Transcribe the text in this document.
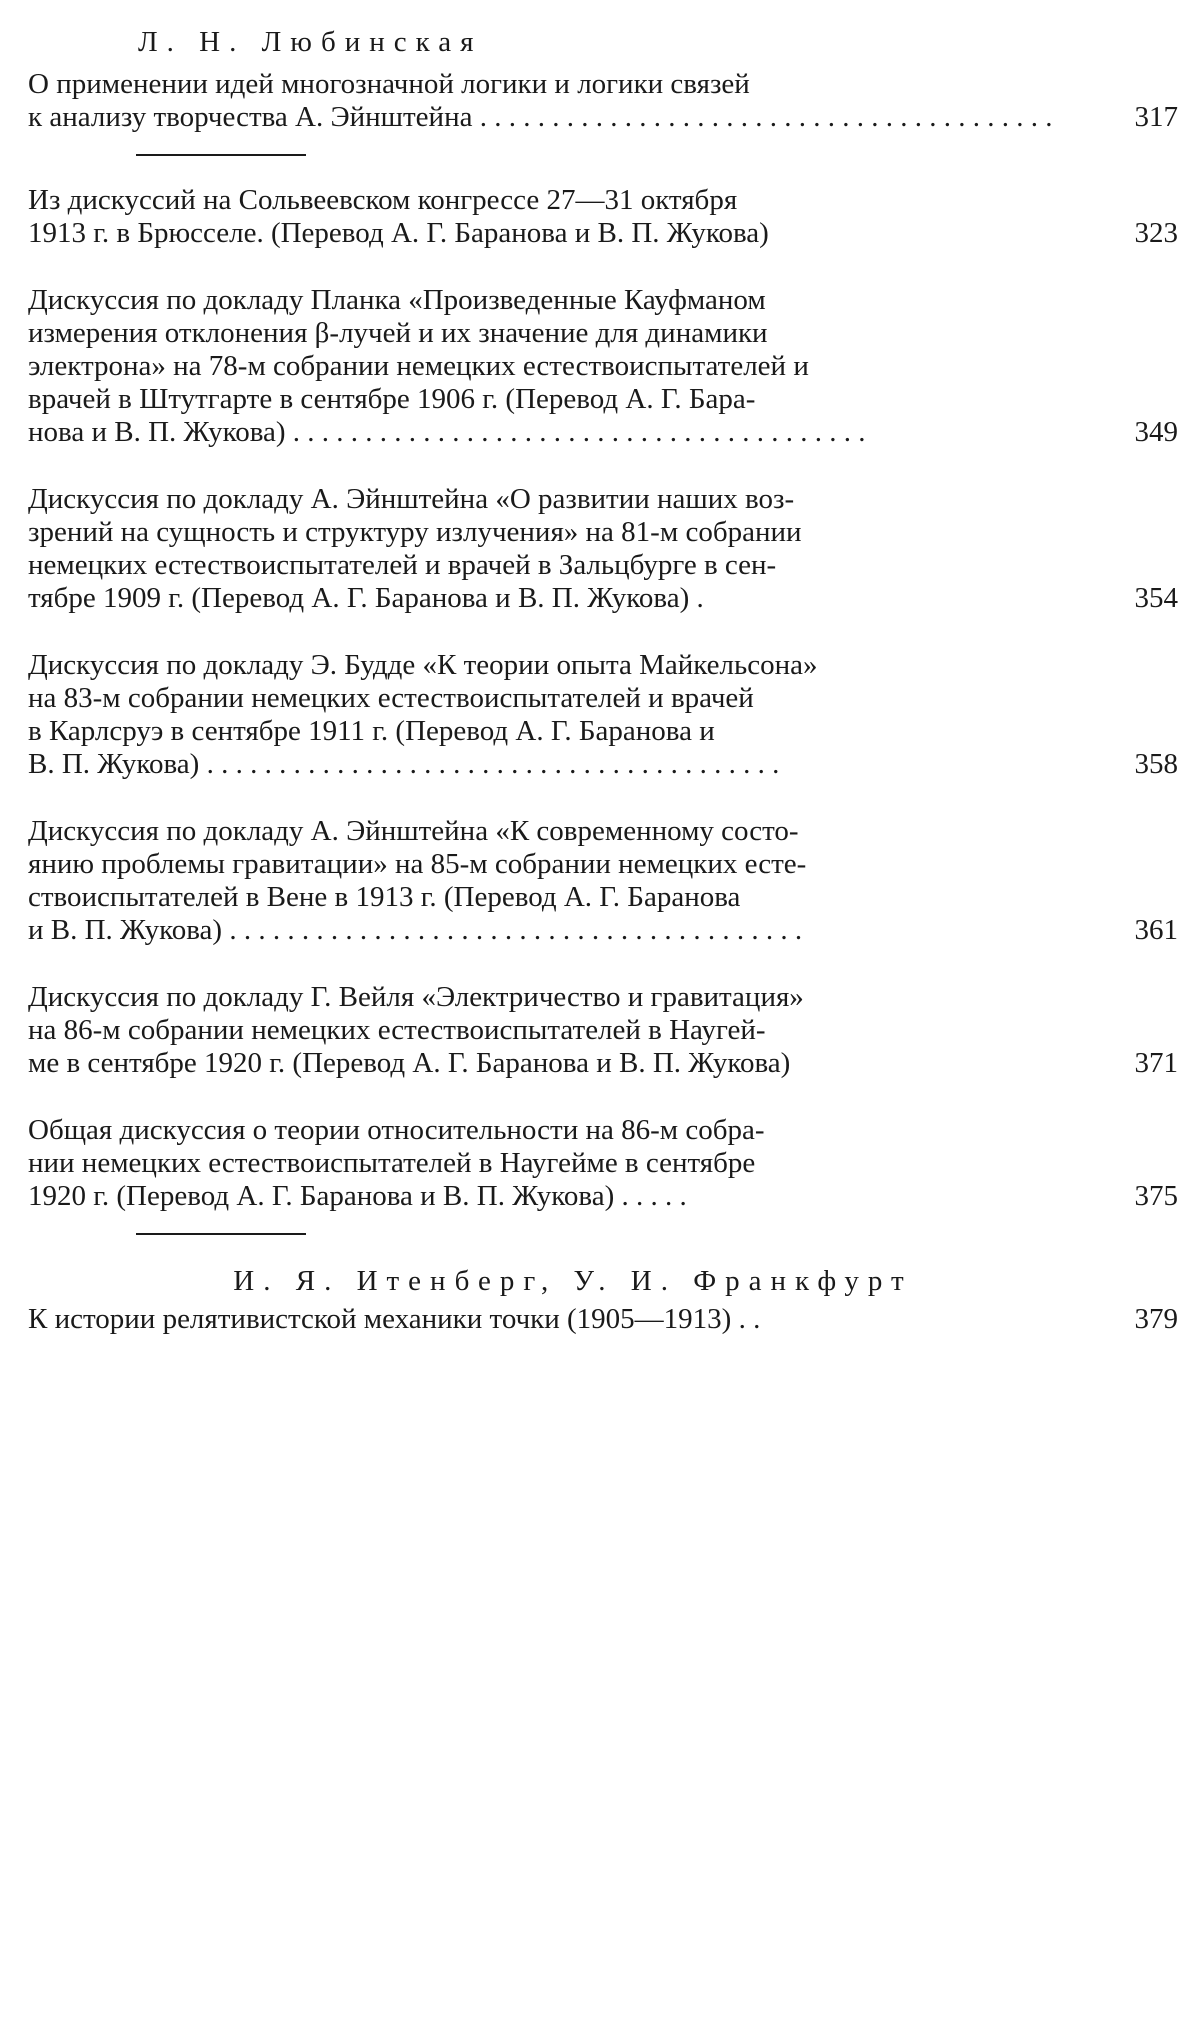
Л. Н. Любинская

О применении идей многозначной логики и логики связей
к анализу творчества А. Эйнштейна . . .	317

Из дискуссий на Сольвеевском конгрессе 27—31 октября
1913 г. в Брюсселе. (Перевод А. Г. Баранова и В. П. Жукова)	323

Дискуссия по докладу Планка «Произведенные Кауфманом
измерения отклонения β-лучей и их значение для динамики
электрона» на 78-м собрании немецких естествоиспытателей и
врачей в Штутгарте в сентябре 1906 г. (Перевод А. Г. Бара-
нова и В. П. Жукова) . . .	349

Дискуссия по докладу А. Эйнштейна «О развитии наших воз-
зрений на сущность и структуру излучения» на 81-м собрании
немецких естествоиспытателей и врачей в Зальцбурге в сен-
тябре 1909 г. (Перевод А. Г. Баранова и В. П. Жукова) .	354

Дискуссия по докладу Э. Будде «К теории опыта Майкельсона»
на 83-м собрании немецких естествоиспытателей и врачей
в Карлсруэ в сентябре 1911 г. (Перевод А. Г. Баранова и
В. П. Жукова) . . .	358

Дискуссия по докладу А. Эйнштейна «К современному состо-
янию проблемы гравитации» на 85-м собрании немецких есте-
ствоиспытателей в Вене в 1913 г. (Перевод А. Г. Баранова
и В. П. Жукова) . . .	361

Дискуссия по докладу Г. Вейля «Электричество и гравитация»
на 86-м собрании немецких естествоиспытателей в Наугей-
ме в сентябре 1920 г. (Перевод А. Г. Баранова и В. П. Жукова)	371

Общая дискуссия о теории относительности на 86-м собра-
нии немецких естествоиспытателей в Наугейме в сентябре
1920 г. (Перевод А. Г. Баранова и В. П. Жукова) . . . . .	375

И. Я. Итенберг, У. И. Франкфурт

К истории релятивистской механики точки (1905—1913) . .	379
